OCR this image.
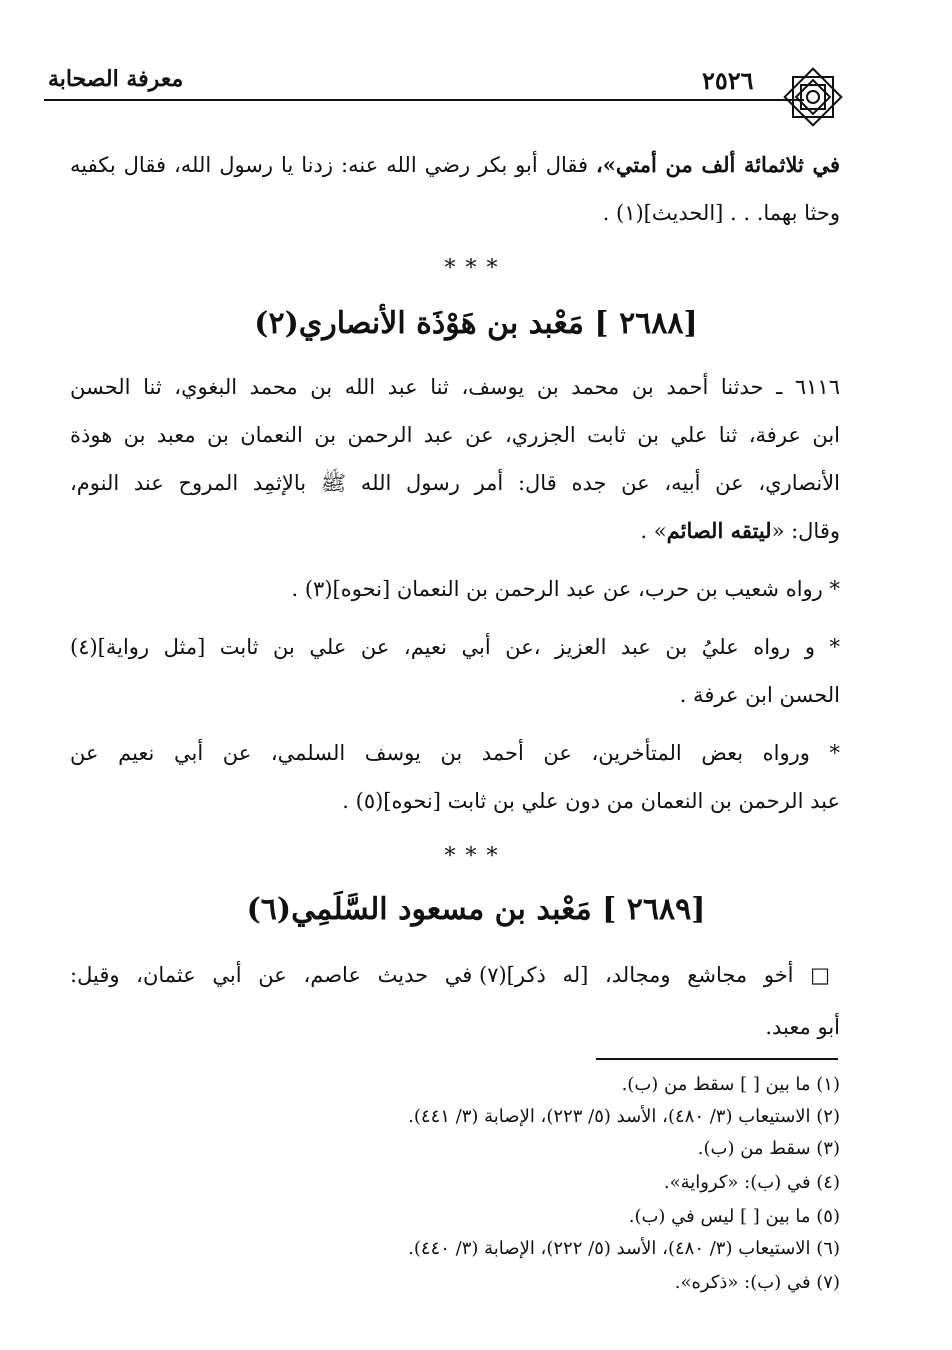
معرفة الصحابة	٢٥٢٦
في ثلاثمائة ألف من أمتي»، فقال أبو بكر رضي الله عنه: زدنا يا رسول الله، فقال بكفيه
وحثا بهما. . . [الحديث](١) .
***
[٢٦٨٨ ] مَعْبد بن هَوْذَة الأنصاري(٢)
٦١١٦ ـ حدثنا أحمد بن محمد بن يوسف، ثنا عبد الله بن محمد البغوي، ثنا الحسن
ابن عرفة، ثنا علي بن ثابت الجزري، عن عبد الرحمن بن النعمان بن معبد بن هوذة
الأنصاري، عن أبيه، عن جده قال: أمر رسول الله ﷺ بالإثمِد المروح عند النوم،
وقال: «ليتقه الصائم» .
* رواه شعيب بن حرب، عن عبد الرحمن بن النعمان [نحوه](٣) .
* و رواه عليُ بن عبد العزيز ،عن أبي نعيم، عن علي بن ثابت [مثل رواية](٤)
الحسن ابن عرفة .
* ورواه بعض المتأخرين، عن أحمد بن يوسف السلمي، عن أبي نعيم عن
عبد الرحمن بن النعمان من دون علي بن ثابت [نحوه](٥) .
***
[٢٦٨٩ ] مَعْبد بن مسعود السَّلَمِي(٦)
□ أخو مجاشع ومجالد، [له ذكر](٧) في حديث عاصم، عن أبي عثمان، وقيل:
أبو معبد.
(١) ما بين [ ] سقط من (ب).
(٢) الاستيعاب (٣/ ٤٨٠)، الأسد (٥/ ٢٢٣)، الإصابة (٣/ ٤٤١).
(٣) سقط من (ب).
(٤) في (ب): «كرواية».
(٥) ما بين [ ] ليس في (ب).
(٦) الاستيعاب (٣/ ٤٨٠)، الأسد (٥/ ٢٢٢)، الإصابة (٣/ ٤٤٠).
(٧) في (ب): «ذكره».
